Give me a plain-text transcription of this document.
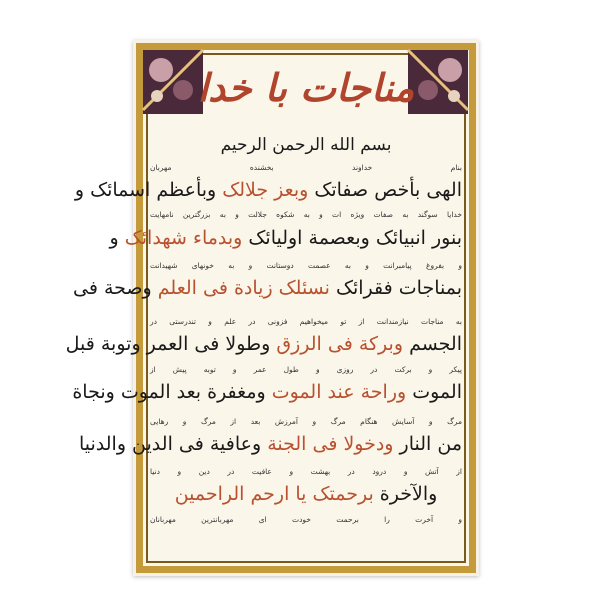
مناجات با خدا
بسم الله الرحمن الرحیم
بنام خداوند بخشنده مهربان
الهی بأخص صفاتک وبعز جلالک وبأعظم اسمائک و
خدایا سوگند به صفات ویژه ات و به شکوه جلالت و به بزرگترین نامهایت
بنور انبیائک وبعصمة اولیائک وبدماء شهدائک و
و بفروغ پیامبرانت و به عصمت دوستانت و به خونهای شهیدانت
بمناجات فقرائک نسئلک زیادة فی العلم وصحة فی
به مناجات نیازمندانت از تو میخواهیم فزونی در علم و تندرستی در
الجسم وبرکة فی الرزق وطولا فی العمر وتوبة قبل
پیکر و برکت در روزی و طول عمر و توبه پیش از
الموت وراحة عند الموت ومغفرة بعد الموت ونجاة
مرگ و آسایش هنگام مرگ و آمرزش بعد از مرگ و رهایی
من النار ودخولا فی الجنة وعافیة فی الدین والدنیا
از آتش و درود در بهشت و عافیت در دین و دنیا
والآخرة برحمتک یا ارحم الراحمین
و آخرت را برحمت خودت ای مهربانترین مهربانان
